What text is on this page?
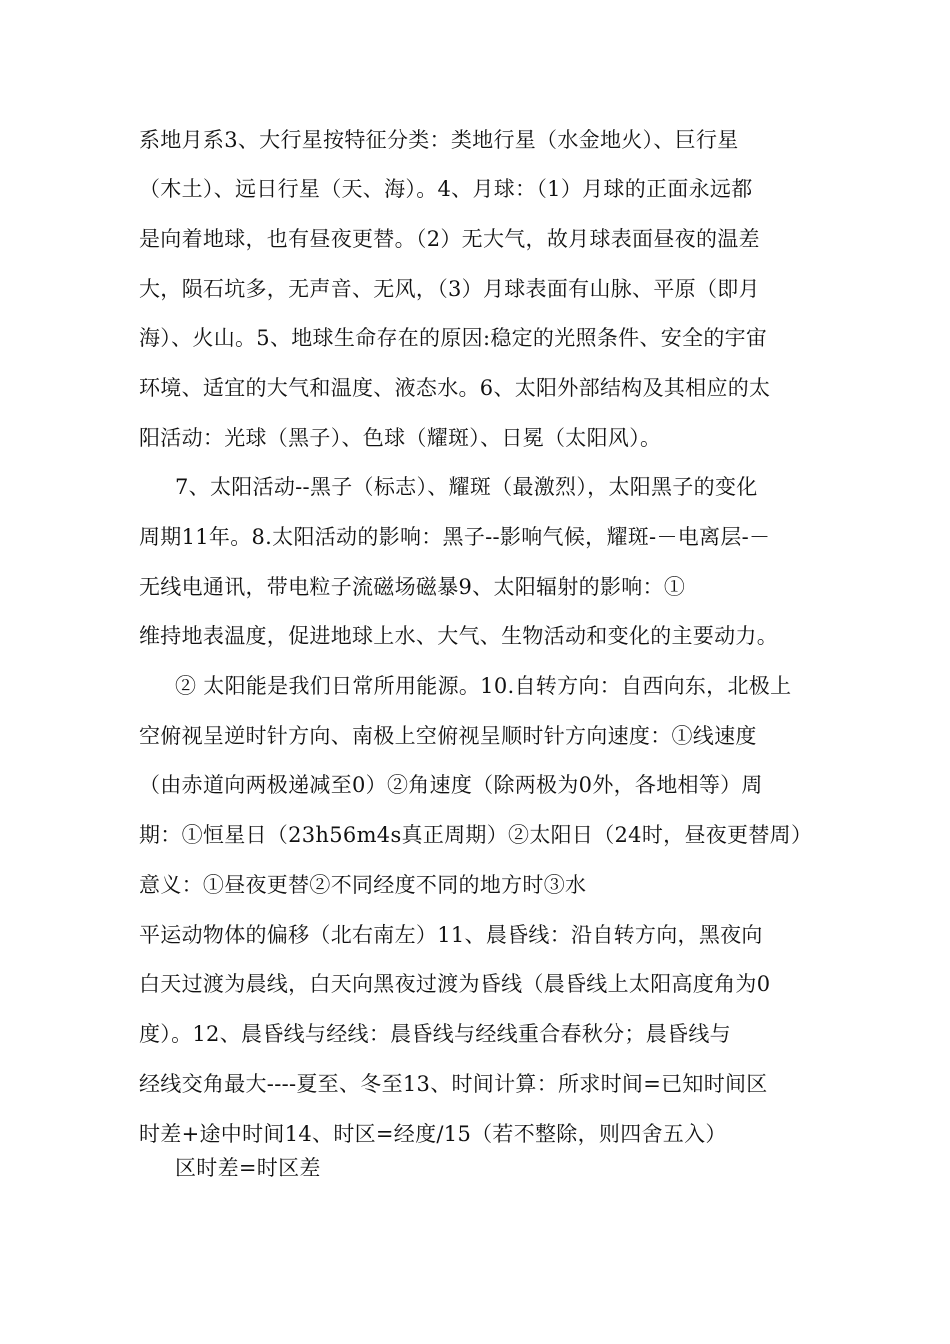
系地月系3、大行星按特征分类：类地行星（水金地火）、巨行星
（木土）、远日行星（天、海）。4、月球：（1）月球的正面永远都
是向着地球，也有昼夜更替。（2）无大气，故月球表面昼夜的温差
大，陨石坑多，无声音、无风，（3）月球表面有山脉、平原（即月
海）、火山。5、地球生命存在的原因:稳定的光照条件、安全的宇宙
环境、适宜的大气和温度、液态水。6、太阳外部结构及其相应的太
阳活动：光球（黑子）、色球（耀斑）、日冕（太阳风）。
7、太阳活动--黑子（标志）、耀斑（最激烈），太阳黑子的变化
周期11年。8.太阳活动的影响：黑子--影响气候，耀斑-－电离层-－
无线电通讯，带电粒子流磁场磁暴9、太阳辐射的影响：①
维持地表温度，促进地球上水、大气、生物活动和变化的主要动力。
② 太阳能是我们日常所用能源。10.自转方向：自西向东，北极上
空俯视呈逆时针方向、南极上空俯视呈顺时针方向速度：①线速度
（由赤道向两极递减至0）②角速度（除两极为0外，各地相等）周
期：①恒星日（23h56m4s真正周期）②太阳日（24时，昼夜更替周）
意义：①昼夜更替②不同经度不同的地方时③水
平运动物体的偏移（北右南左）11、晨昏线：沿自转方向，黑夜向
白天过渡为晨线，白天向黑夜过渡为昏线（晨昏线上太阳高度角为0
度）。12、晨昏线与经线：晨昏线与经线重合春秋分；晨昏线与
经线交角最大----夏至、冬至13、时间计算：所求时间=已知时间区
时差+途中时间14、时区=经度/15（若不整除，则四舍五入）
区时差=时区差
